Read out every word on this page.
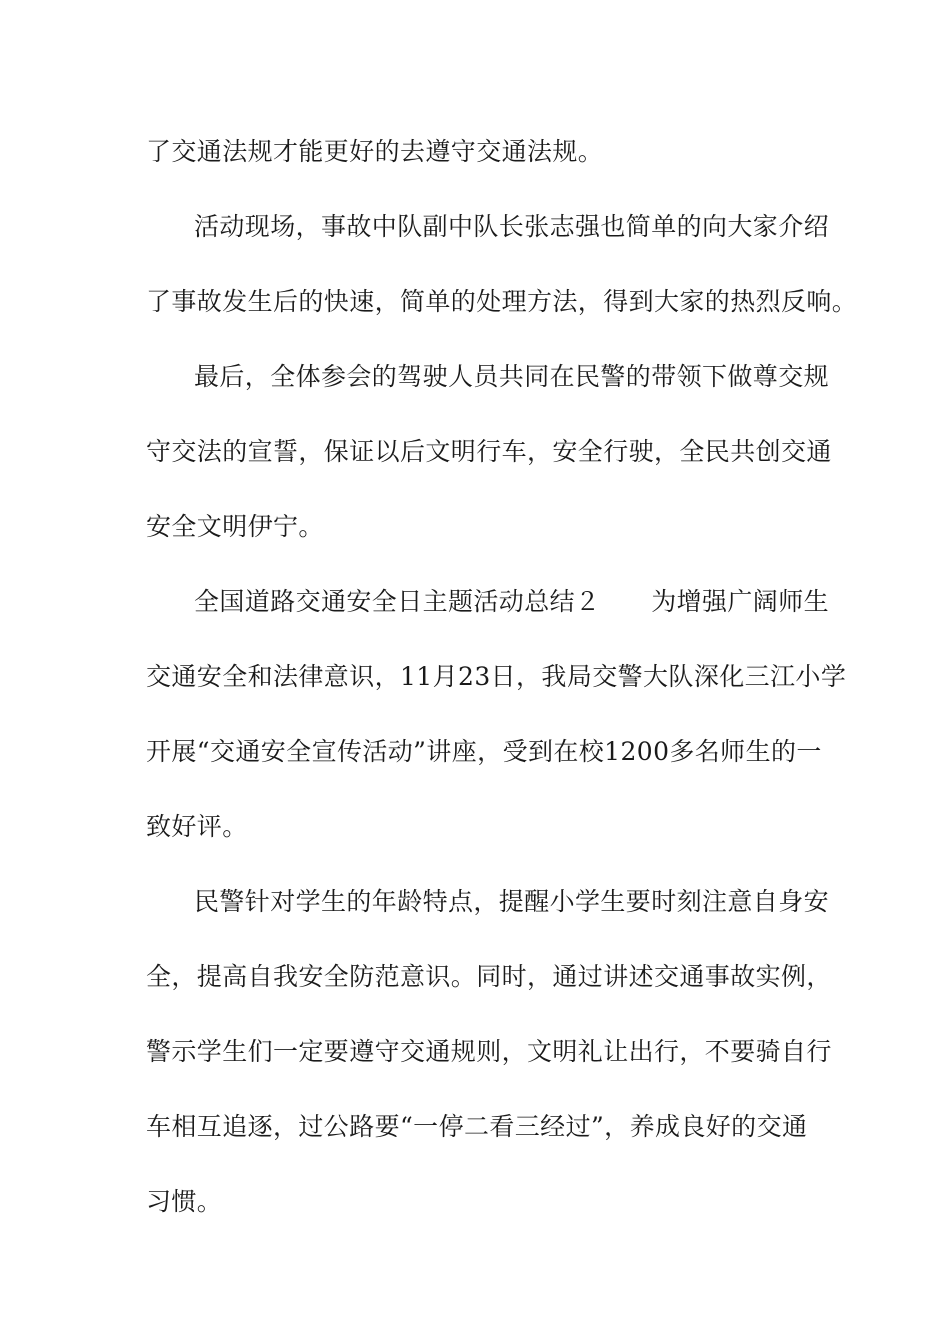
了交通法规才能更好的去遵守交通法规。
活动现场，事故中队副中队长张志强也简单的向大家介绍
了事故发生后的快速，简单的处理方法，得到大家的热烈反响。
最后，全体参会的驾驶人员共同在民警的带领下做尊交规
守交法的宣誓，保证以后文明行车，安全行驶，全民共创交通
安全文明伊宁。
全国道路交通安全日主题活动总结２　　为增强广阔师生
交通安全和法律意识，11月23日，我局交警大队深化三江小学
开展“交通安全宣传活动”讲座，受到在校1200多名师生的一
致好评。
民警针对学生的年龄特点，提醒小学生要时刻注意自身安
全，提高自我安全防范意识。同时，通过讲述交通事故实例，
警示学生们一定要遵守交通规则，文明礼让出行，不要骑自行
车相互追逐，过公路要“一停二看三经过”，养成良好的交通
习惯。
